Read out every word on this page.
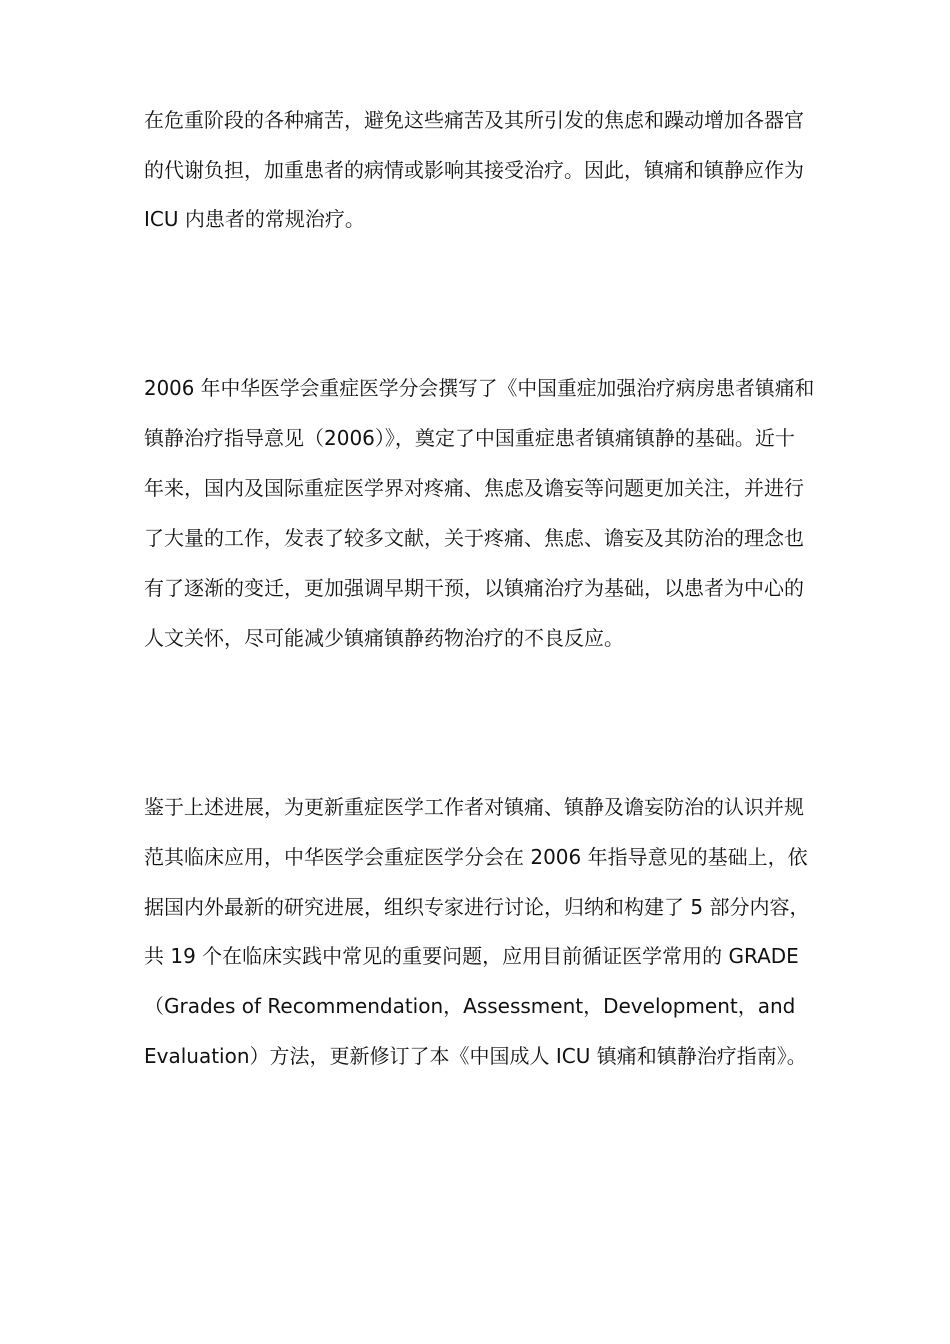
在危重阶段的各种痛苦，避免这些痛苦及其所引发的焦虑和躁动增加各器官
的代谢负担，加重患者的病情或影响其接受治疗。因此，镇痛和镇静应作为
ICU 内患者的常规治疗。
2006 年中华医学会重症医学分会撰写了《中国重症加强治疗病房患者镇痛和
镇静治疗指导意见（2006）》，奠定了中国重症患者镇痛镇静的基础。近十
年来，国内及国际重症医学界对疼痛、焦虑及谵妄等问题更加关注，并进行
了大量的工作，发表了较多文献，关于疼痛、焦虑、谵妄及其防治的理念也
有了逐渐的变迁，更加强调早期干预，以镇痛治疗为基础，以患者为中心的
人文关怀，尽可能减少镇痛镇静药物治疗的不良反应。
鉴于上述进展，为更新重症医学工作者对镇痛、镇静及谵妄防治的认识并规
范其临床应用，中华医学会重症医学分会在 2006 年指导意见的基础上，依
据国内外最新的研究进展，组织专家进行讨论，归纳和构建了 5 部分内容，
共 19 个在临床实践中常见的重要问题，应用目前循证医学常用的 GRADE
（Grades of Recommendation，Assessment，Development，and
Evaluation）方法，更新修订了本《中国成人 ICU 镇痛和镇静治疗指南》。
